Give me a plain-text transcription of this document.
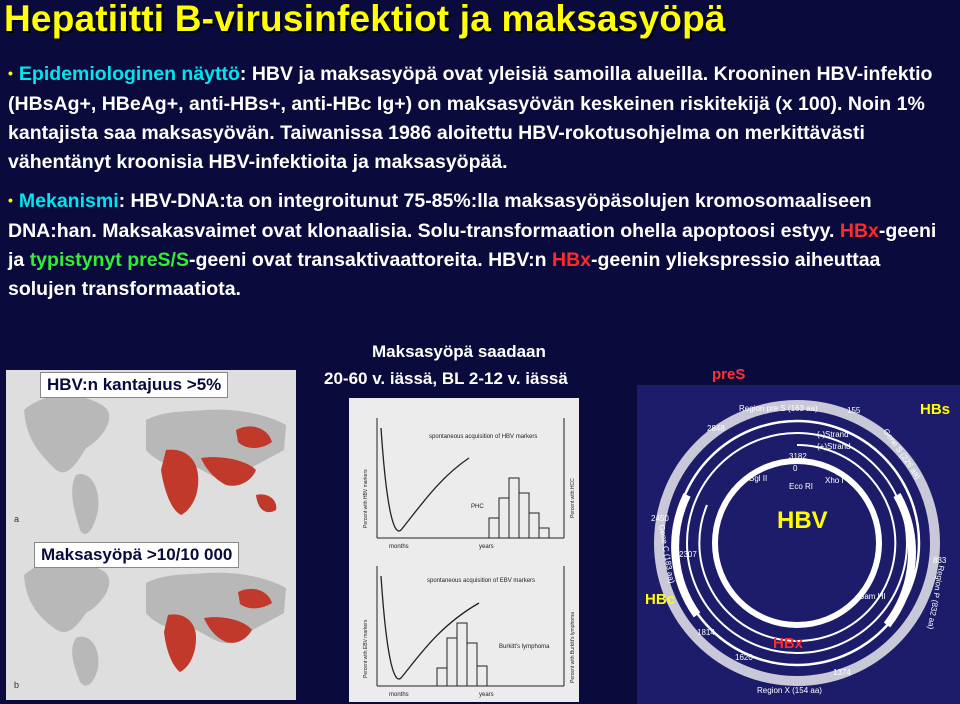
Hepatiitti B-virusinfektiot ja maksasyöpä

• Epidemiologinen näyttö: HBV ja maksasyöpä ovat yleisiä samoilla alueilla. Krooninen HBV-infektio (HBsAg+, HBeAg+, anti-HBs+, anti-HBc Ig+) on maksasyövän keskeinen riskitekijä (x 100). Noin 1% kantajista saa maksasyövän. Taiwanissa 1986 aloitettu HBV-rokotusohjelma on merkittävästi vähentänyt kroonisia HBV-infektioita ja maksasyöpää.

• Mekanismi: HBV-DNA:ta on integroitunut 75-85%:lla maksasyöpäsolujen kromosomaaliseen DNA:han. Maksakasvaimet ovat klonaalisia. Solu-transformaation ohella apoptoosi estyy. HBx-geeni ja typistynyt preS/S-geeni ovat transaktivaattoreita. HBV:n HBx-geenin yliekspressio aiheuttaa solujen transformaatiota.

Maksasyöpä saadaan
20-60 v. iässä, BL 2-12 v. iässä
a
b
HBV:n kantajuus >5%
Maksasyöpä >10/10 000
spontaneous acquisition of HBV markers
PHC
months	years
Percent with HBV markers	Percent with HCC
spontaneous acquisition of EBV markers
Burkitt's lymphoma
months	years
Percent with EBV markers	Percent with Burkitt's lymphoma
preS
Region pre S (163 aa)
Gene S (226 aa)
Region P (832 aa)
Region X (154 aa)
Gene C (183 aa)
(-)Strand
(+)Strand
3182
0
833
2450
1620
1374
155
2848
2307
1814
Eco RI
Bgl II	Xho I
Bam HI
HBs
HBV
HBc
HBx
